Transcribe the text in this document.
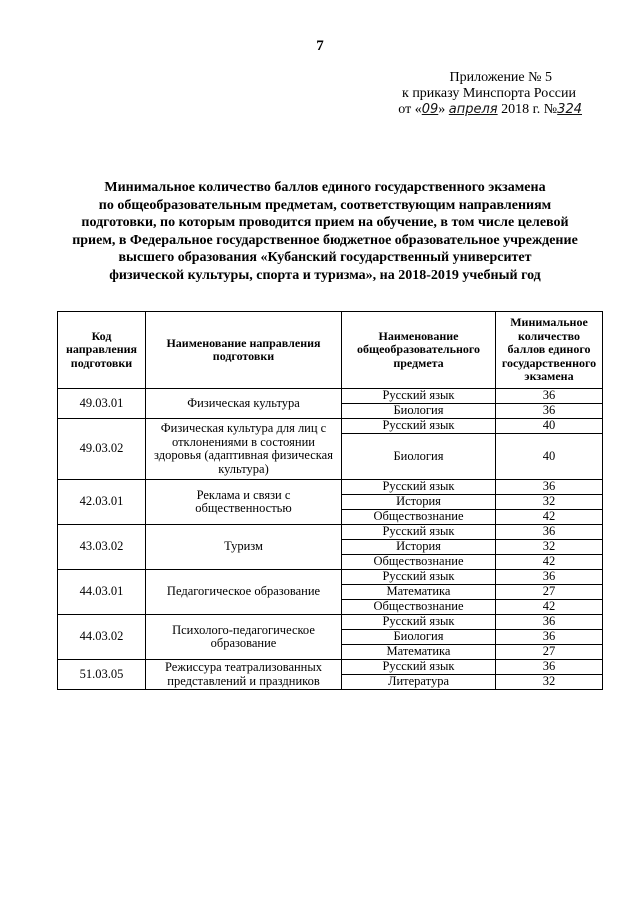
7
Приложение № 5
к приказу Минспорта России
от «09» апреля 2018 г. №324
Минимальное количество баллов единого государственного экзамена
по общеобразовательным предметам, соответствующим направлениям
подготовки, по которым проводится прием на обучение, в том числе целевой
прием, в Федеральное государственное бюджетное образовательное учреждение
высшего образования «Кубанский государственный университет
физической культуры, спорта и туризма», на 2018-2019 учебный год
Код направления подготовки	Наименование направления подготовки	Наименование общеобразовательного предмета	Минимальное количество баллов единого государственного экзамена
49.03.01	Физическая культура	Русский язык	36
		Биология	36
49.03.02	Физическая культура для лиц с отклонениями в состоянии здоровья (адаптивная физическая культура)	Русский язык	40
		Биология	40
42.03.01	Реклама и связи с общественностью	Русский язык	36
		История	32
		Обществознание	42
43.03.02	Туризм	Русский язык	36
		История	32
		Обществознание	42
44.03.01	Педагогическое образование	Русский язык	36
		Математика	27
		Обществознание	42
44.03.02	Психолого-педагогическое образование	Русский язык	36
		Биология	36
		Математика	27
51.03.05	Режиссура театрализованных представлений и праздников	Русский язык	36
		Литература	32
